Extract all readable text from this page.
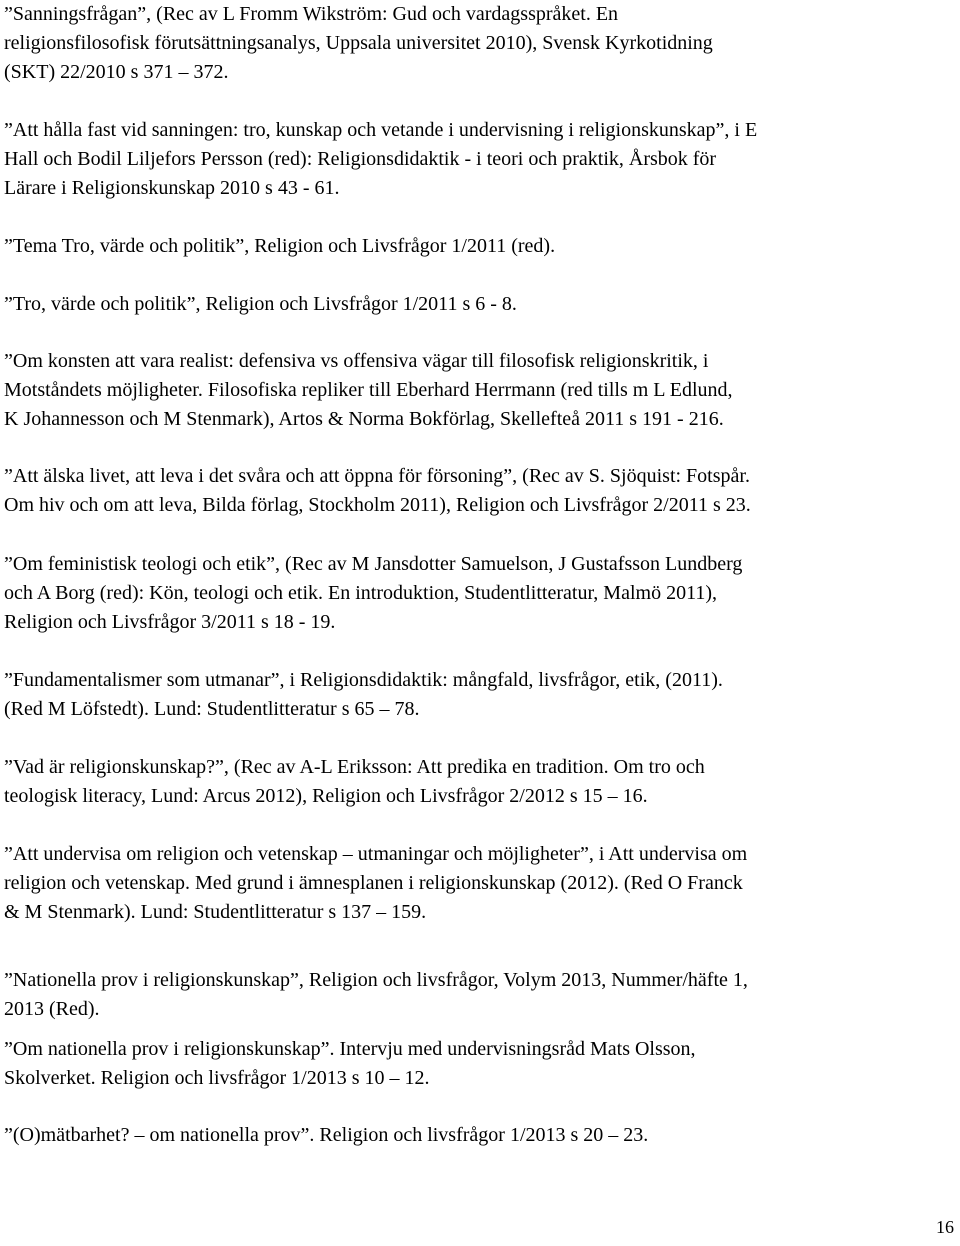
”Sanningsfrågan”, (Rec av L Fromm Wikström: Gud och vardagsspråket. En
religionsfilosofisk förutsättningsanalys, Uppsala universitet 2010), Svensk Kyrkotidning
(SKT) 22/2010 s 371 – 372.

”Att hålla fast vid sanningen: tro, kunskap och vetande i undervisning i religionskunskap”, i E
Hall och Bodil Liljefors Persson (red): Religionsdidaktik - i teori och praktik, Årsbok för
Lärare i Religionskunskap 2010 s 43 - 61.

”Tema Tro, värde och politik”, Religion och Livsfrågor 1/2011 (red).

”Tro, värde och politik”, Religion och Livsfrågor 1/2011 s 6 - 8.

”Om konsten att vara realist: defensiva vs offensiva vägar till filosofisk religionskritik, i
Motståndets möjligheter. Filosofiska repliker till Eberhard Herrmann (red tills m L Edlund,
K Johannesson och M Stenmark), Artos & Norma Bokförlag, Skellefteå 2011 s 191 - 216.

”Att älska livet, att leva i det svåra och att öppna för försoning”, (Rec av S. Sjöquist: Fotspår.
Om hiv och om att leva, Bilda förlag, Stockholm 2011), Religion och Livsfrågor 2/2011 s 23.

”Om feministisk teologi och etik”, (Rec av M Jansdotter Samuelson, J Gustafsson Lundberg
och A Borg (red): Kön, teologi och etik. En introduktion, Studentlitteratur, Malmö 2011),
Religion och Livsfrågor 3/2011 s 18 - 19.

”Fundamentalismer som utmanar”, i Religionsdidaktik: mångfald, livsfrågor, etik, (2011).
(Red M Löfstedt). Lund: Studentlitteratur s 65 – 78.

”Vad är religionskunskap?”, (Rec av A-L Eriksson: Att predika en tradition. Om tro och
teologisk literacy, Lund: Arcus 2012), Religion och Livsfrågor 2/2012 s 15 – 16.

”Att undervisa om religion och vetenskap – utmaningar och möjligheter”, i Att undervisa om
religion och vetenskap. Med grund i ämnesplanen i religionskunskap (2012). (Red O Franck
& M Stenmark). Lund: Studentlitteratur s 137 – 159.

”Nationella prov i religionskunskap”, Religion och livsfrågor, Volym 2013, Nummer/häfte 1,
2013 (Red).

”Om nationella prov i religionskunskap”. Intervju med undervisningsråd Mats Olsson,
Skolverket. Religion och livsfrågor 1/2013 s 10 – 12.

”(O)mätbarhet? – om nationella prov”. Religion och livsfrågor 1/2013 s 20 – 23.

16
